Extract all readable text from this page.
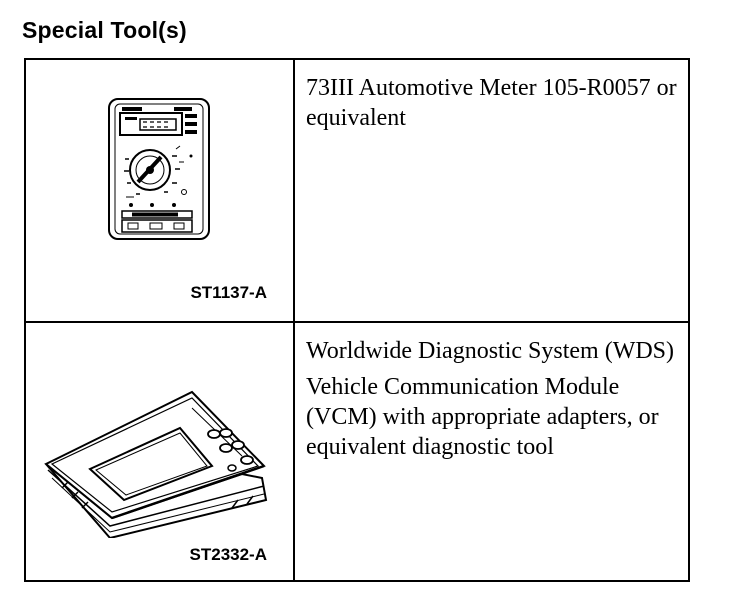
Special Tool(s)
ST1137-A

73III Automotive Meter 105-R0057 or equivalent

ST2332-A

Worldwide Diagnostic System (WDS)

Vehicle Communication Module (VCM) with appropriate adapters, or equivalent diagnostic tool
